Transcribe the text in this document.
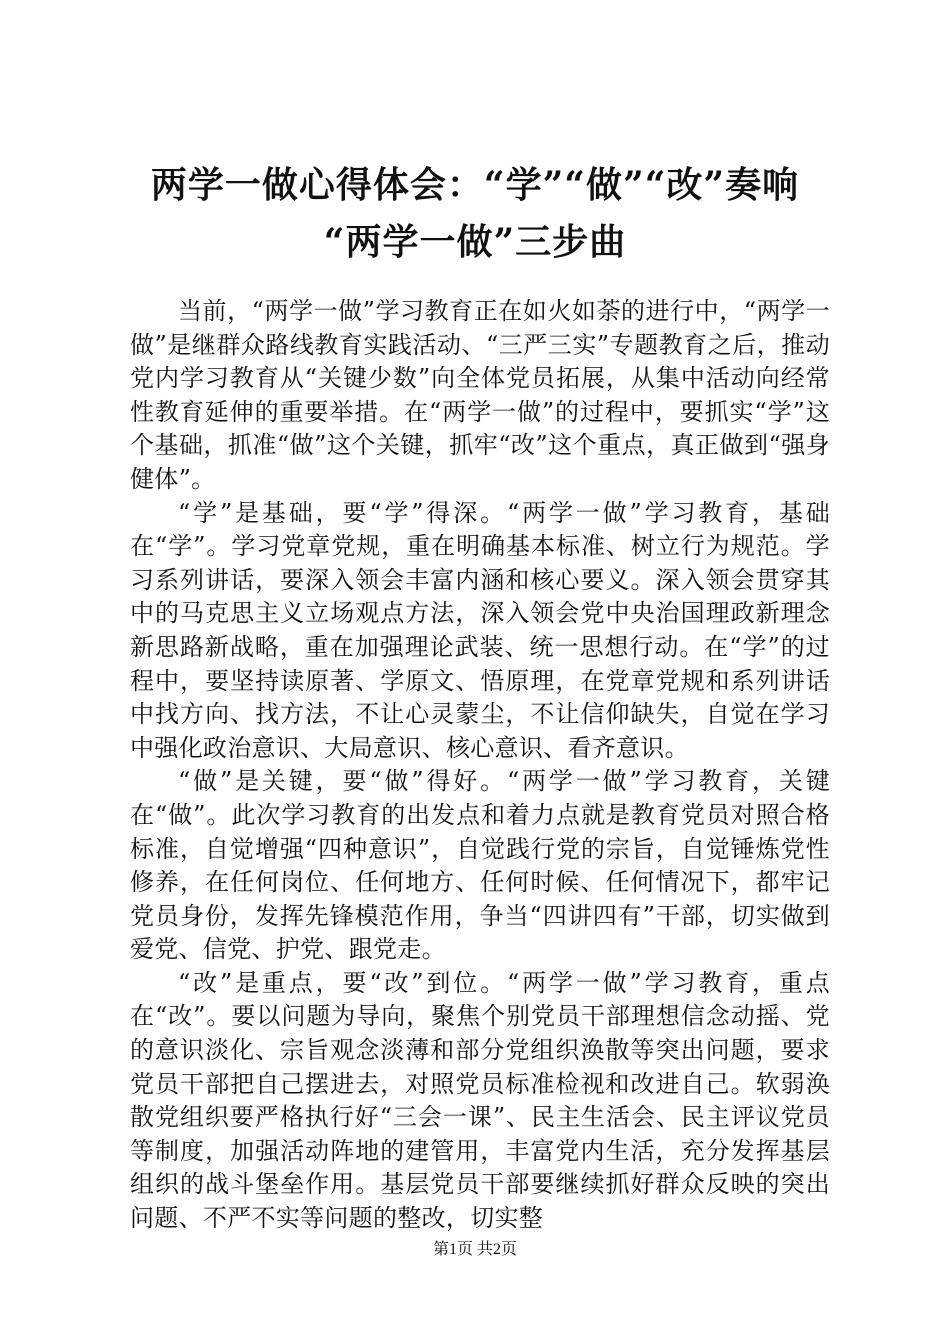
两学一做心得体会：“学”“做”“改”奏响
“两学一做”三步曲

当前，“两学一做”学习教育正在如火如荼的进行中，“两学一做”是继群众路线教育实践活动、“三严三实”专题教育之后，推动党内学习教育从“关键少数”向全体党员拓展，从集中活动向经常性教育延伸的重要举措。在“两学一做”的过程中，要抓实“学”这个基础，抓准“做”这个关键，抓牢“改”这个重点，真正做到“强身健体”。

“学”是基础，要“学”得深。“两学一做”学习教育，基础在“学”。学习党章党规，重在明确基本标准、树立行为规范。学习系列讲话，要深入领会丰富内涵和核心要义。深入领会贯穿其中的马克思主义立场观点方法，深入领会党中央治国理政新理念新思路新战略，重在加强理论武装、统一思想行动。在“学”的过程中，要坚持读原著、学原文、悟原理，在党章党规和系列讲话中找方向、找方法，不让心灵蒙尘，不让信仰缺失，自觉在学习中强化政治意识、大局意识、核心意识、看齐意识。

“做”是关键，要“做”得好。“两学一做”学习教育，关键在“做”。此次学习教育的出发点和着力点就是教育党员对照合格标准，自觉增强“四种意识”，自觉践行党的宗旨，自觉锤炼党性修养，在任何岗位、任何地方、任何时候、任何情况下，都牢记党员身份，发挥先锋模范作用，争当“四讲四有”干部，切实做到爱党、信党、护党、跟党走。

“改”是重点，要“改”到位。“两学一做”学习教育，重点在“改”。要以问题为导向，聚焦个别党员干部理想信念动摇、党的意识淡化、宗旨观念淡薄和部分党组织涣散等突出问题，要求党员干部把自己摆进去，对照党员标准检视和改进自己。软弱涣散党组织要严格执行好“三会一课”、民主生活会、民主评议党员等制度，加强活动阵地的建管用，丰富党内生活，充分发挥基层组织的战斗堡垒作用。基层党员干部要继续抓好群众反映的突出问题、不严不实等问题的整改，切实整

第1页 共2页
